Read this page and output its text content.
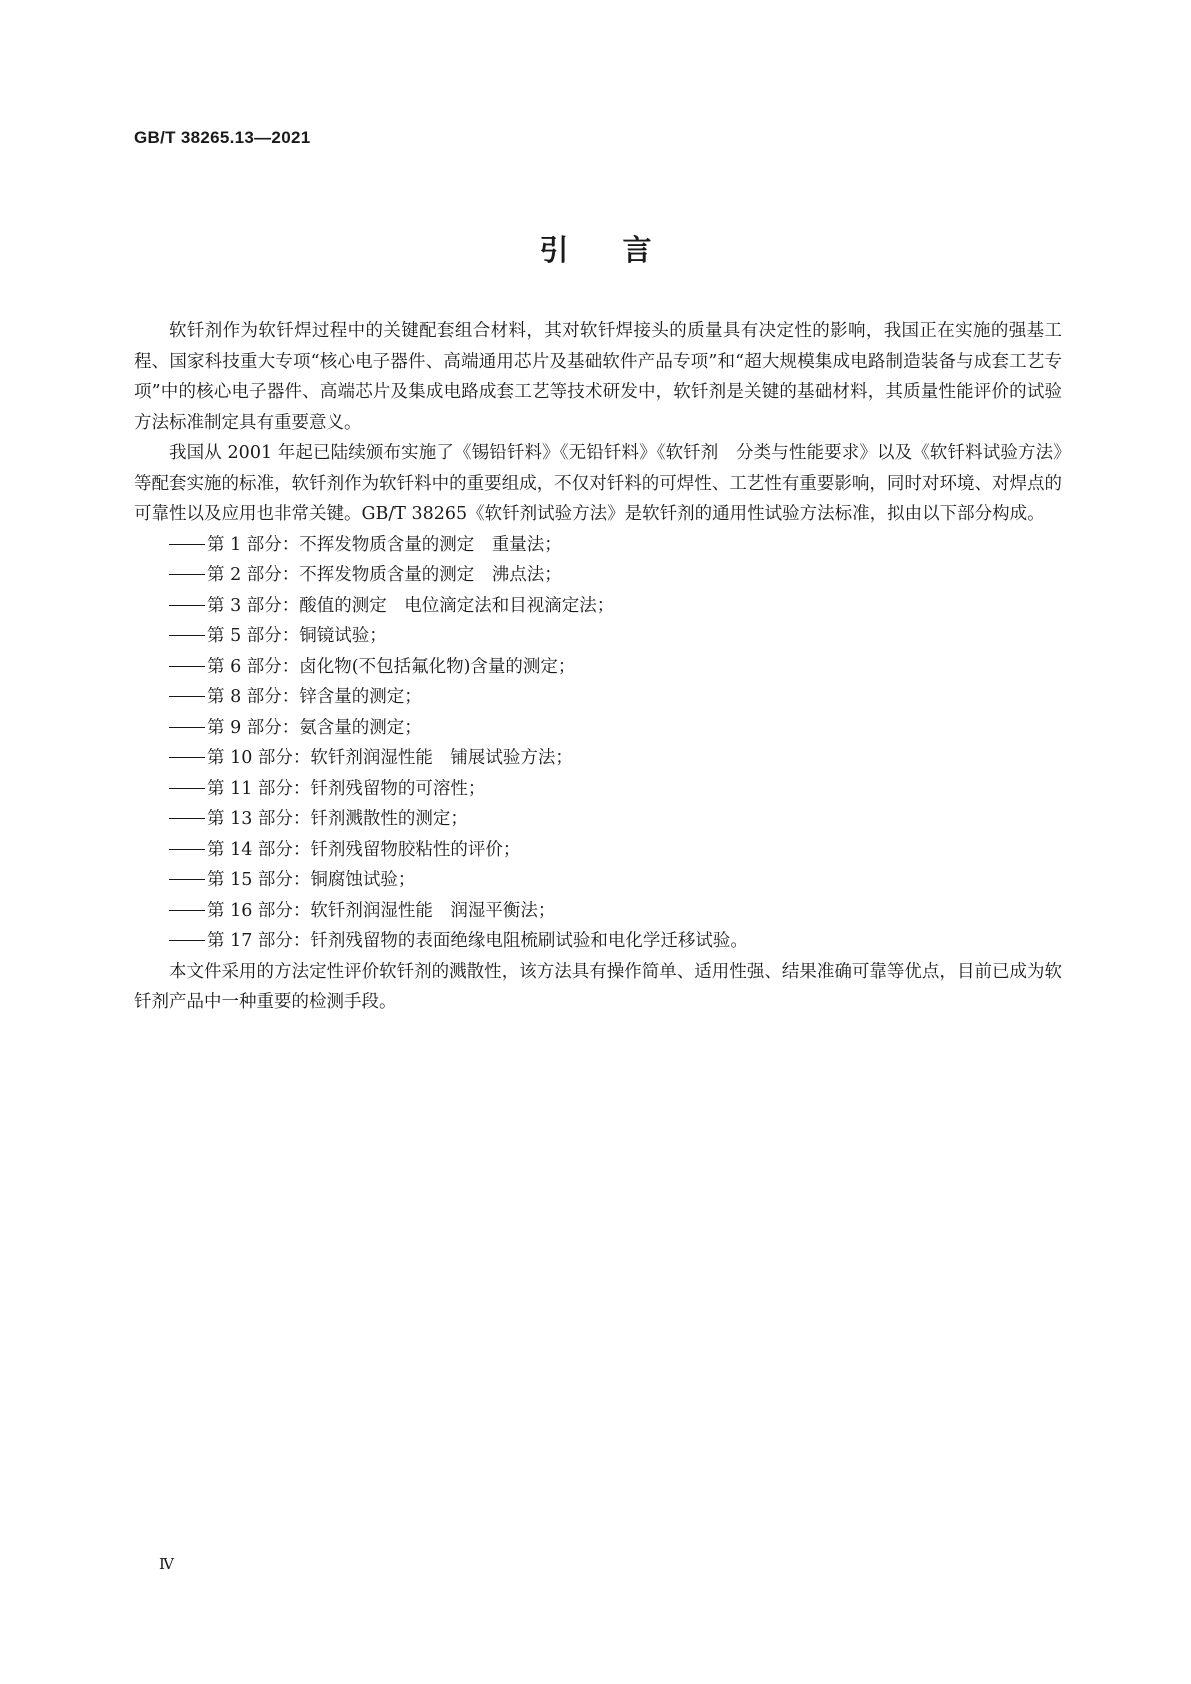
GB/T 38265.13—2021
引言

软钎剂作为软钎焊过程中的关键配套组合材料，其对软钎焊接头的质量具有决定性的影响，我国正在实施的强基工程、国家科技重大专项“核心电子器件、高端通用芯片及基础软件产品专项”和“超大规模集成电路制造装备与成套工艺专项”中的核心电子器件、高端芯片及集成电路成套工艺等技术研发中，软钎剂是关键的基础材料，其质量性能评价的试验方法标准制定具有重要意义。

我国从 2001 年起已陆续颁布实施了《锡铅钎料》《无铅钎料》《软钎剂　分类与性能要求》以及《软钎料试验方法》等配套实施的标准，软钎剂作为软钎料中的重要组成，不仅对钎料的可焊性、工艺性有重要影响，同时对环境、对焊点的可靠性以及应用也非常关键。GB/T 38265《软钎剂试验方法》是软钎剂的通用性试验方法标准，拟由以下部分构成。

第 1 部分：不挥发物质含量的测定　重量法；
第 2 部分：不挥发物质含量的测定　沸点法；
第 3 部分：酸值的测定　电位滴定法和目视滴定法；
第 5 部分：铜镜试验；
第 6 部分：卤化物(不包括氟化物)含量的测定；
第 8 部分：锌含量的测定；
第 9 部分：氨含量的测定；
第 10 部分：软钎剂润湿性能　铺展试验方法；
第 11 部分：钎剂残留物的可溶性；
第 13 部分：钎剂溅散性的测定；
第 14 部分：钎剂残留物胶粘性的评价；
第 15 部分：铜腐蚀试验；
第 16 部分：软钎剂润湿性能　润湿平衡法；
第 17 部分：钎剂残留物的表面绝缘电阻梳刷试验和电化学迁移试验。

本文件采用的方法定性评价软钎剂的溅散性，该方法具有操作简单、适用性强、结果准确可靠等优点，目前已成为软钎剂产品中一种重要的检测手段。

Ⅳ
